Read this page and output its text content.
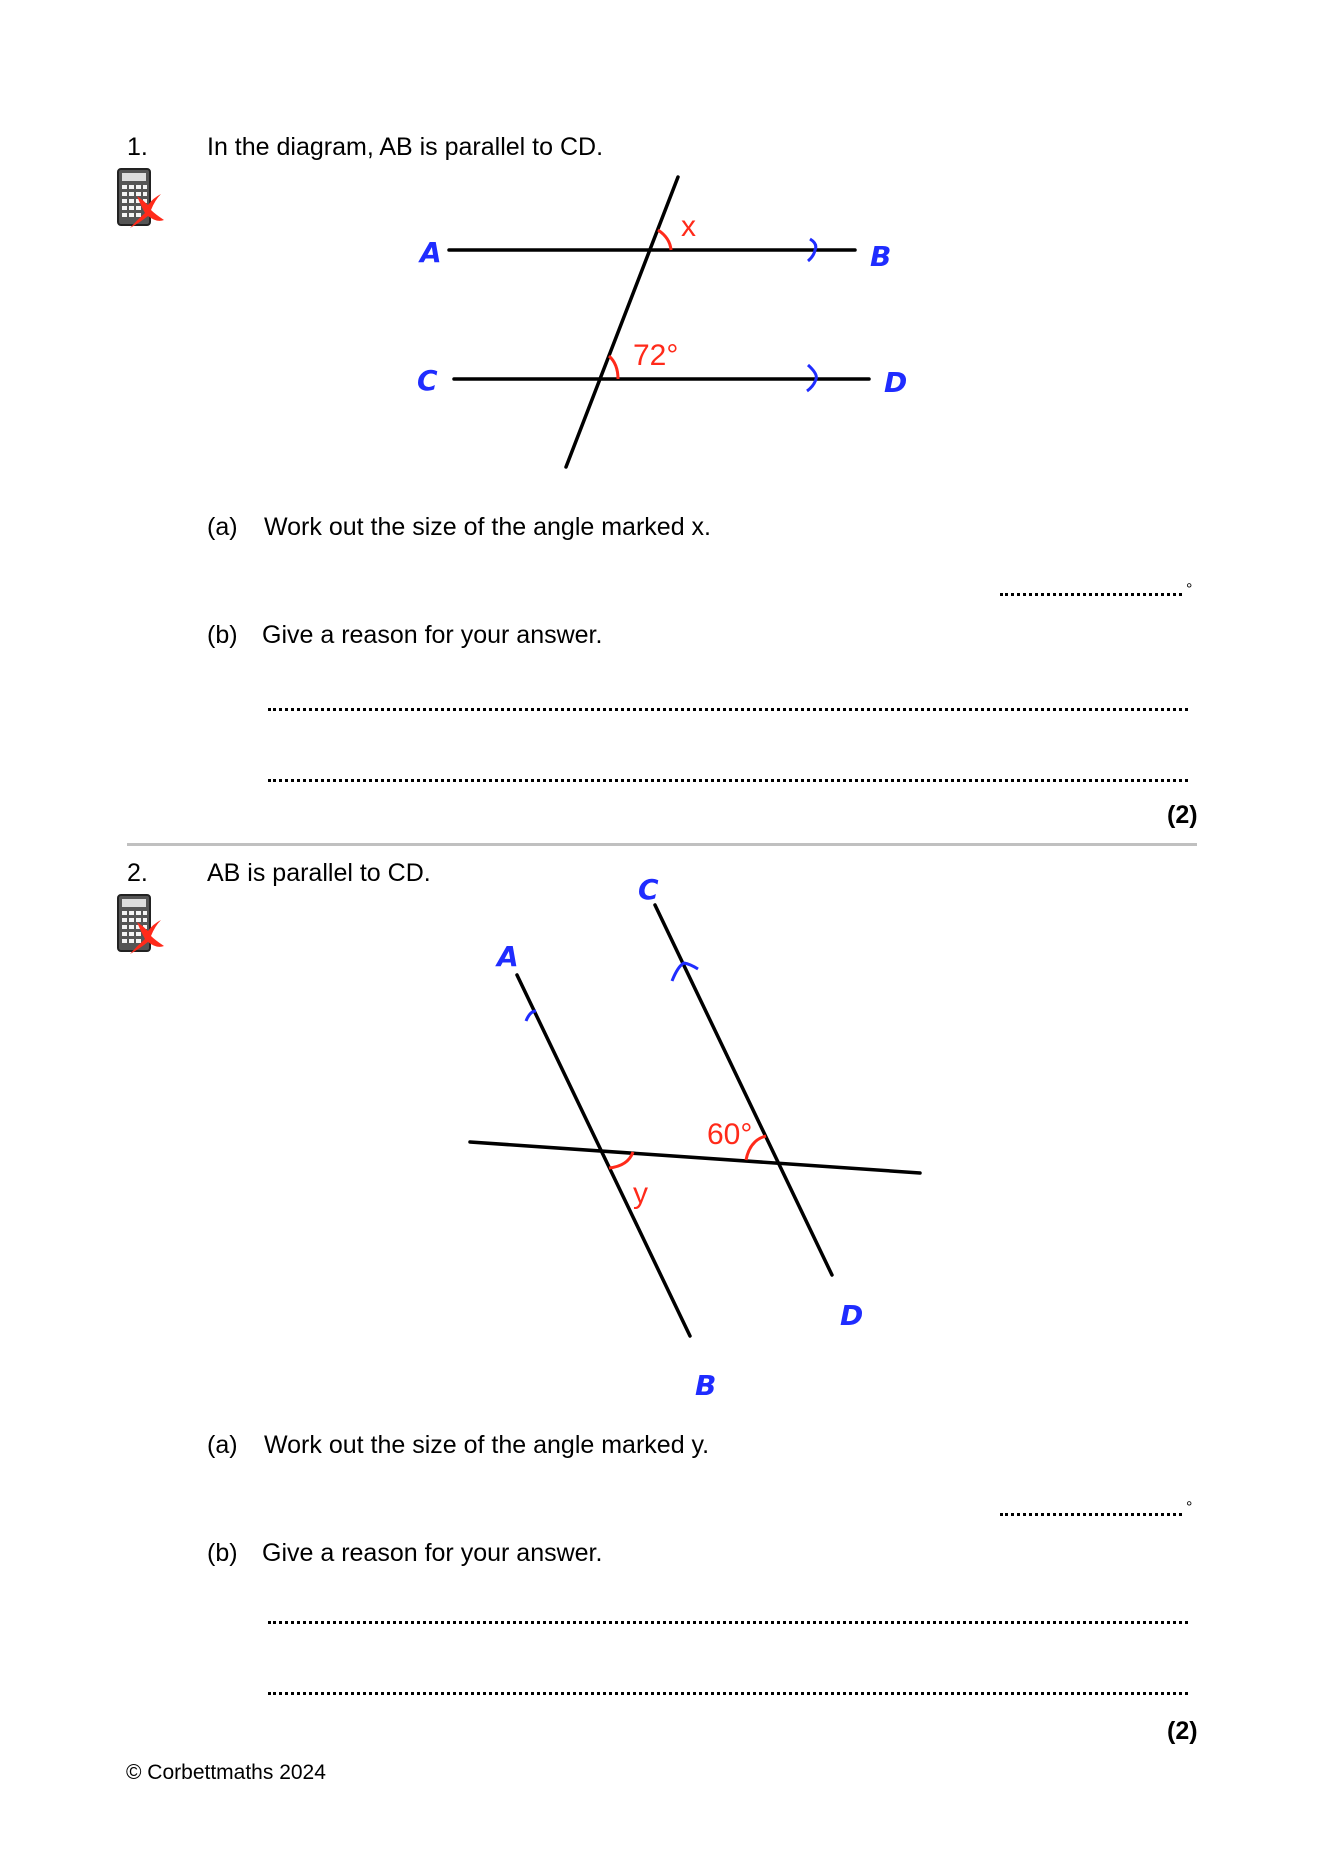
1. In the diagram, AB is parallel to CD.
A	B
C	D
x
72°
(a) Work out the size of the angle marked x.
°
(b) Give a reason for your answer.
(2)
2. AB is parallel to CD.
A
B
C
D
y
60°
(a) Work out the size of the angle marked y.
°
(b) Give a reason for your answer.
(2)
© Corbettmaths 2024
